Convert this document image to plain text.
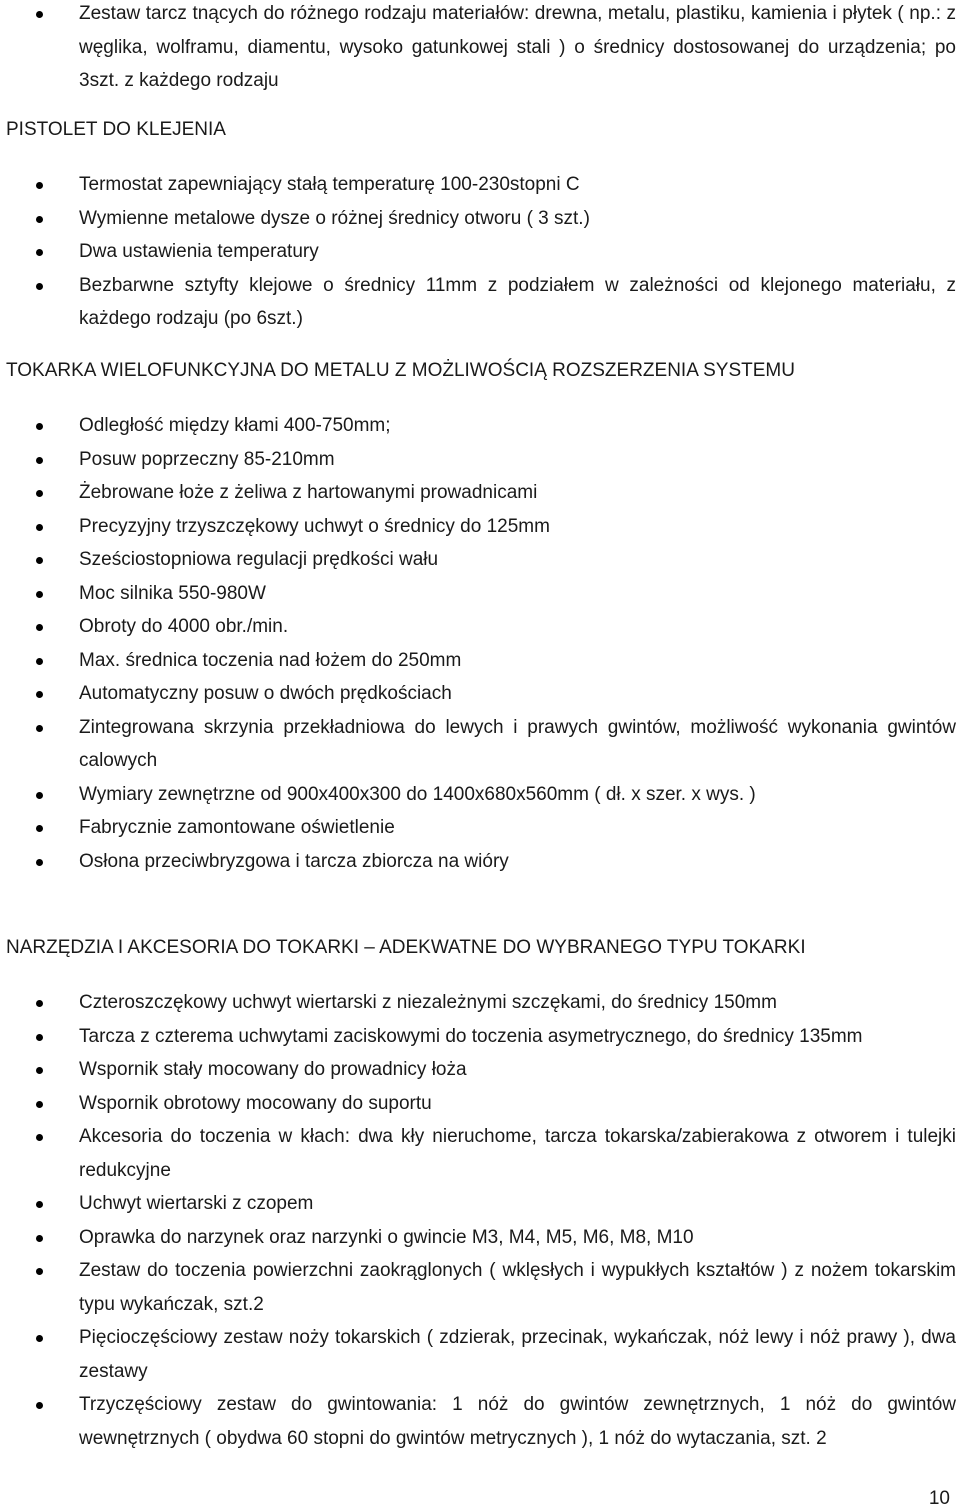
Zestaw tarcz tnących do różnego rodzaju materiałów: drewna, metalu, plastiku, kamienia i płytek ( np.: z węglika, wolframu, diamentu, wysoko gatunkowej stali ) o średnicy dostosowanej do urządzenia; po 3szt. z każdego rodzaju
PISTOLET DO KLEJENIA
Termostat zapewniający stałą temperaturę 100-230stopni C
Wymienne metalowe dysze o różnej średnicy otworu ( 3 szt.)
Dwa ustawienia temperatury
Bezbarwne sztyfty klejowe o średnicy 11mm z podziałem w zależności od klejonego materiału, z każdego rodzaju (po 6szt.)
TOKARKA WIELOFUNKCYJNA DO METALU Z MOŻLIWOŚCIĄ ROZSZERZENIA SYSTEMU
Odległość między kłami 400-750mm;
Posuw poprzeczny 85-210mm
Żebrowane łoże z żeliwa z hartowanymi prowadnicami
Precyzyjny trzyszczękowy uchwyt o średnicy do 125mm
Sześciostopniowa regulacji prędkości wału
Moc silnika 550-980W
Obroty do 4000 obr./min.
Max. średnica toczenia nad łożem do 250mm
Automatyczny posuw o dwóch prędkościach
Zintegrowana skrzynia przekładniowa do lewych i prawych gwintów, możliwość wykonania gwintów calowych
Wymiary zewnętrzne od 900x400x300 do 1400x680x560mm ( dł. x szer. x wys. )
Fabrycznie zamontowane oświetlenie
Osłona przeciwbryzgowa i tarcza zbiorcza na wióry
NARZĘDZIA I AKCESORIA DO TOKARKI – ADEKWATNE DO WYBRANEGO TYPU TOKARKI
Czteroszczękowy uchwyt wiertarski z niezależnymi szczękami, do średnicy 150mm
Tarcza z czterema uchwytami zaciskowymi do toczenia asymetrycznego, do średnicy 135mm
Wspornik stały mocowany do prowadnicy łoża
Wspornik obrotowy mocowany do suportu
Akcesoria do toczenia w kłach: dwa kły nieruchome, tarcza tokarska/zabierakowa z otworem i tulejki redukcyjne
Uchwyt wiertarski z czopem
Oprawka do narzynek oraz narzynki o gwincie M3, M4, M5, M6, M8, M10
Zestaw do toczenia powierzchni zaokrąglonych ( wklęsłych i wypukłych kształtów ) z nożem tokarskim typu wykańczak, szt.2
Pięcioczęściowy zestaw noży tokarskich ( zdzierak, przecinak, wykańczak, nóż lewy i nóż prawy ), dwa zestawy
Trzyczęściowy zestaw do gwintowania: 1 nóż do gwintów zewnętrznych, 1 nóż do gwintów wewnętrznych ( obydwa 60 stopni do gwintów metrycznych ), 1 nóż do wytaczania, szt. 2
10
